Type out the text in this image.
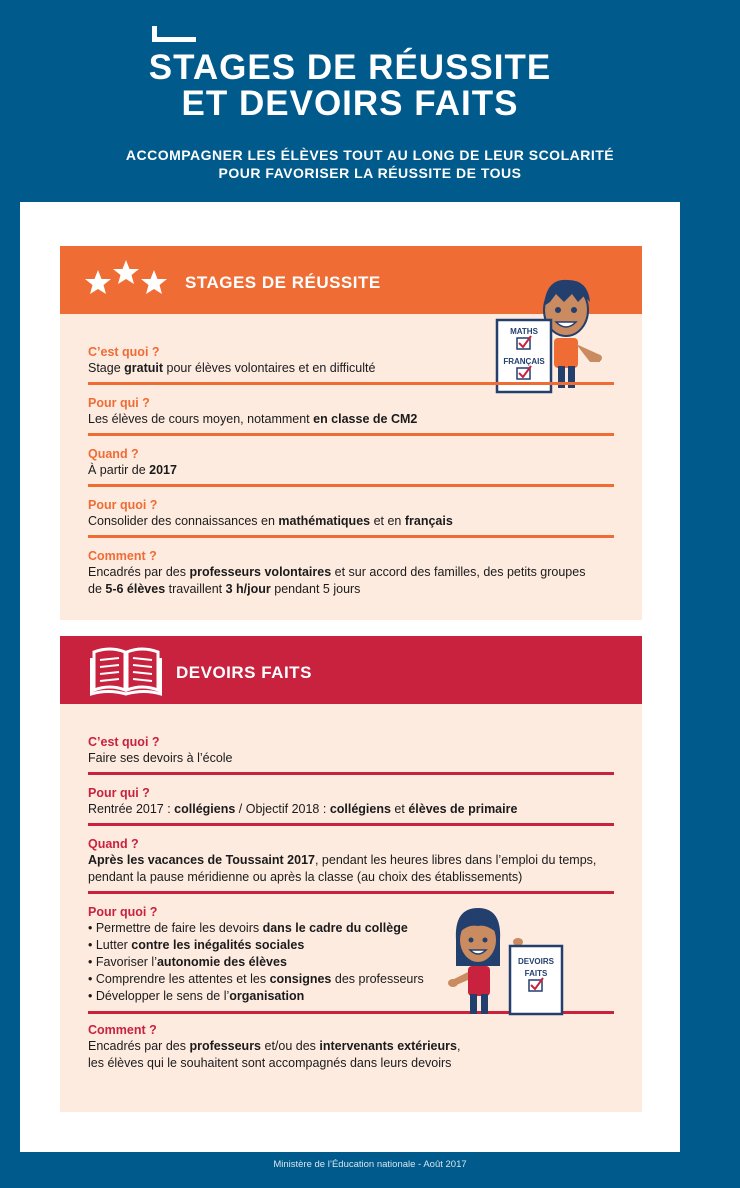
STAGES DE RÉUSSITE
ET DEVOIRS FAITS
ACCOMPAGNER LES ÉLÈVES TOUT AU LONG DE LEUR SCOLARITÉ
POUR FAVORISER LA RÉUSSITE DE TOUS
STAGES DE RÉUSSITE
MATHS
FRANÇAIS
C’est quoi ?
Stage gratuit pour élèves volontaires et en difficulté
Pour qui ?
Les élèves de cours moyen, notamment en classe de CM2
Quand ?
À partir de 2017
Pour quoi ?
Consolider des connaissances en mathématiques et en français
Comment ?
Encadrés par des professeurs volontaires et sur accord des familles, des petits groupes
de 5-6 élèves travaillent 3 h/jour pendant 5 jours
DEVOIRS FAITS
C’est quoi ?
Faire ses devoirs à l’école
Pour qui ?
Rentrée 2017 : collégiens / Objectif 2018 : collégiens et élèves de primaire
Quand ?
Après les vacances de Toussaint 2017, pendant les heures libres dans l’emploi du temps,
pendant la pause méridienne ou après la classe (au choix des établissements)
Pour quoi ?
• Permettre de faire les devoirs dans le cadre du collège
• Lutter contre les inégalités sociales
• Favoriser l’autonomie des élèves
• Comprendre les attentes et les consignes des professeurs
• Développer le sens de l’organisation
DEVOIRS
FAITS
Comment ?
Encadrés par des professeurs et/ou des intervenants extérieurs,
les élèves qui le souhaitent sont accompagnés dans leurs devoirs
Ministère de l’Éducation nationale - Août 2017
